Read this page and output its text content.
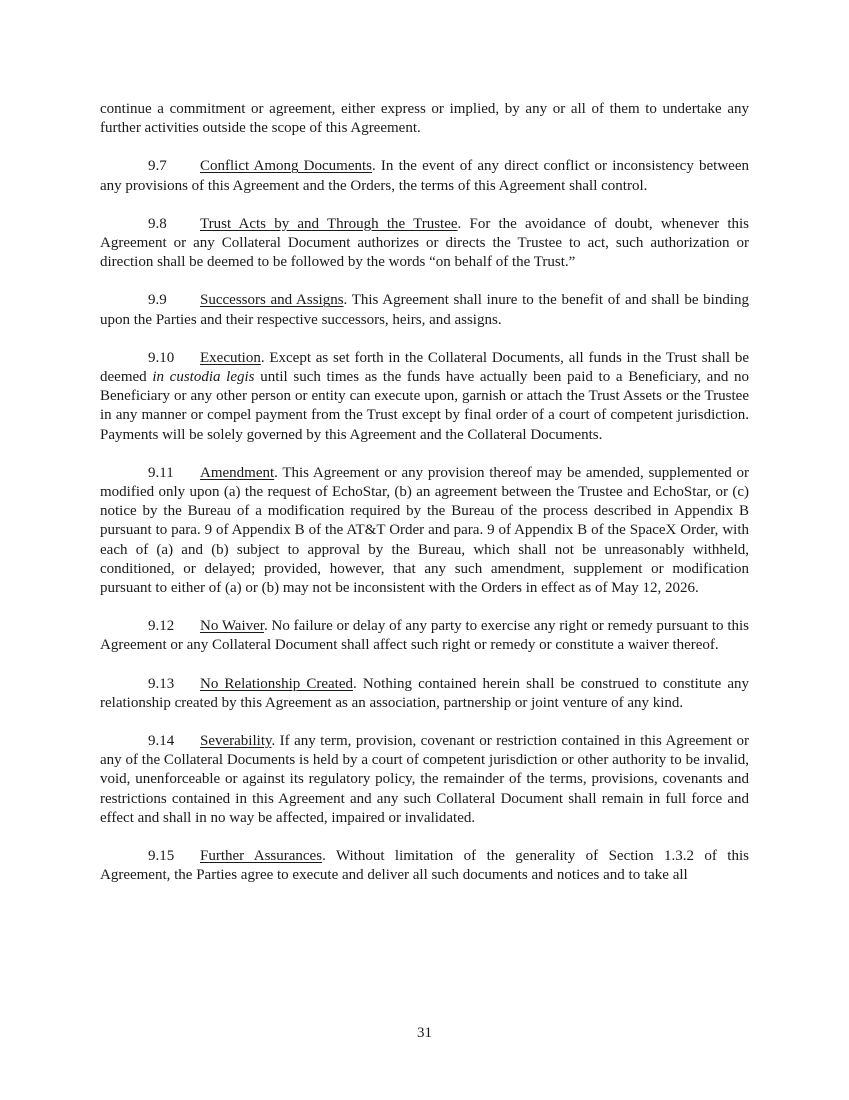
continue a commitment or agreement, either express or implied, by any or all of them to undertake any further activities outside the scope of this Agreement.

9.7 Conflict Among Documents. In the event of any direct conflict or inconsistency between any provisions of this Agreement and the Orders, the terms of this Agreement shall control.

9.8 Trust Acts by and Through the Trustee. For the avoidance of doubt, whenever this Agreement or any Collateral Document authorizes or directs the Trustee to act, such authorization or direction shall be deemed to be followed by the words “on behalf of the Trust.”

9.9 Successors and Assigns. This Agreement shall inure to the benefit of and shall be binding upon the Parties and their respective successors, heirs, and assigns.

9.10 Execution. Except as set forth in the Collateral Documents, all funds in the Trust shall be deemed in custodia legis until such times as the funds have actually been paid to a Beneficiary, and no Beneficiary or any other person or entity can execute upon, garnish or attach the Trust Assets or the Trustee in any manner or compel payment from the Trust except by final order of a court of competent jurisdiction. Payments will be solely governed by this Agreement and the Collateral Documents.

9.11 Amendment. This Agreement or any provision thereof may be amended, supplemented or modified only upon (a) the request of EchoStar, (b) an agreement between the Trustee and EchoStar, or (c) notice by the Bureau of a modification required by the Bureau of the process described in Appendix B pursuant to para. 9 of Appendix B of the AT&T Order and para. 9 of Appendix B of the SpaceX Order, with each of (a) and (b) subject to approval by the Bureau, which shall not be unreasonably withheld, conditioned, or delayed; provided, however, that any such amendment, supplement or modification pursuant to either of (a) or (b) may not be inconsistent with the Orders in effect as of May 12, 2026.

9.12 No Waiver. No failure or delay of any party to exercise any right or remedy pursuant to this Agreement or any Collateral Document shall affect such right or remedy or constitute a waiver thereof.

9.13 No Relationship Created. Nothing contained herein shall be construed to constitute any relationship created by this Agreement as an association, partnership or joint venture of any kind.

9.14 Severability. If any term, provision, covenant or restriction contained in this Agreement or any of the Collateral Documents is held by a court of competent jurisdiction or other authority to be invalid, void, unenforceable or against its regulatory policy, the remainder of the terms, provisions, covenants and restrictions contained in this Agreement and any such Collateral Document shall remain in full force and effect and shall in no way be affected, impaired or invalidated.

9.15 Further Assurances. Without limitation of the generality of Section 1.3.2 of this Agreement, the Parties agree to execute and deliver all such documents and notices and to take all

31
